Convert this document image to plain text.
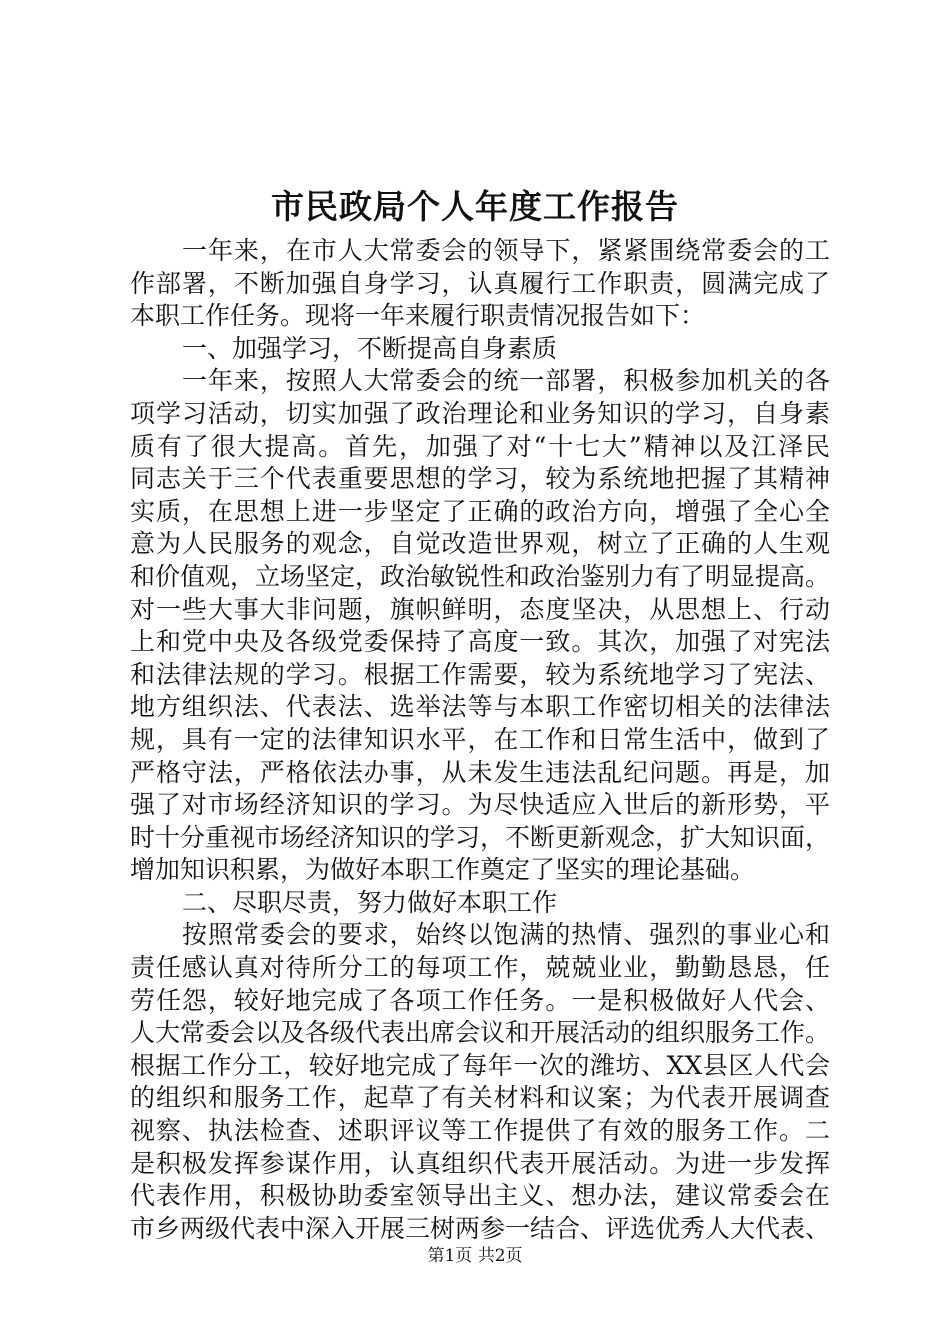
市民政局个人年度工作报告
一年来，在市人大常委会的领导下，紧紧围绕常委会的工
作部署，不断加强自身学习，认真履行工作职责，圆满完成了
本职工作任务。现将一年来履行职责情况报告如下：
一、加强学习，不断提高自身素质
一年来，按照人大常委会的统一部署，积极参加机关的各
项学习活动，切实加强了政治理论和业务知识的学习，自身素
质有了很大提高。首先，加强了对“十七大”精神以及江泽民
同志关于三个代表重要思想的学习，较为系统地把握了其精神
实质，在思想上进一步坚定了正确的政治方向，增强了全心全
意为人民服务的观念，自觉改造世界观，树立了正确的人生观
和价值观，立场坚定，政治敏锐性和政治鉴别力有了明显提高。
对一些大事大非问题，旗帜鲜明，态度坚决，从思想上、行动
上和党中央及各级党委保持了高度一致。其次，加强了对宪法
和法律法规的学习。根据工作需要，较为系统地学习了宪法、
地方组织法、代表法、选举法等与本职工作密切相关的法律法
规，具有一定的法律知识水平，在工作和日常生活中，做到了
严格守法，严格依法办事，从未发生违法乱纪问题。再是，加
强了对市场经济知识的学习。为尽快适应入世后的新形势，平
时十分重视市场经济知识的学习，不断更新观念，扩大知识面，
增加知识积累，为做好本职工作奠定了坚实的理论基础。
二、尽职尽责，努力做好本职工作
按照常委会的要求，始终以饱满的热情、强烈的事业心和
责任感认真对待所分工的每项工作，兢兢业业，勤勤恳恳，任
劳任怨，较好地完成了各项工作任务。一是积极做好人代会、
人大常委会以及各级代表出席会议和开展活动的组织服务工作。
根据工作分工，较好地完成了每年一次的潍坊、XX县区人代会
的组织和服务工作，起草了有关材料和议案；为代表开展调查
视察、执法检查、述职评议等工作提供了有效的服务工作。二
是积极发挥参谋作用，认真组织代表开展活动。为进一步发挥
代表作用，积极协助委室领导出主义、想办法，建议常委会在
市乡两级代表中深入开展三树两参一结合、评选优秀人大代表、
第1页 共2页
